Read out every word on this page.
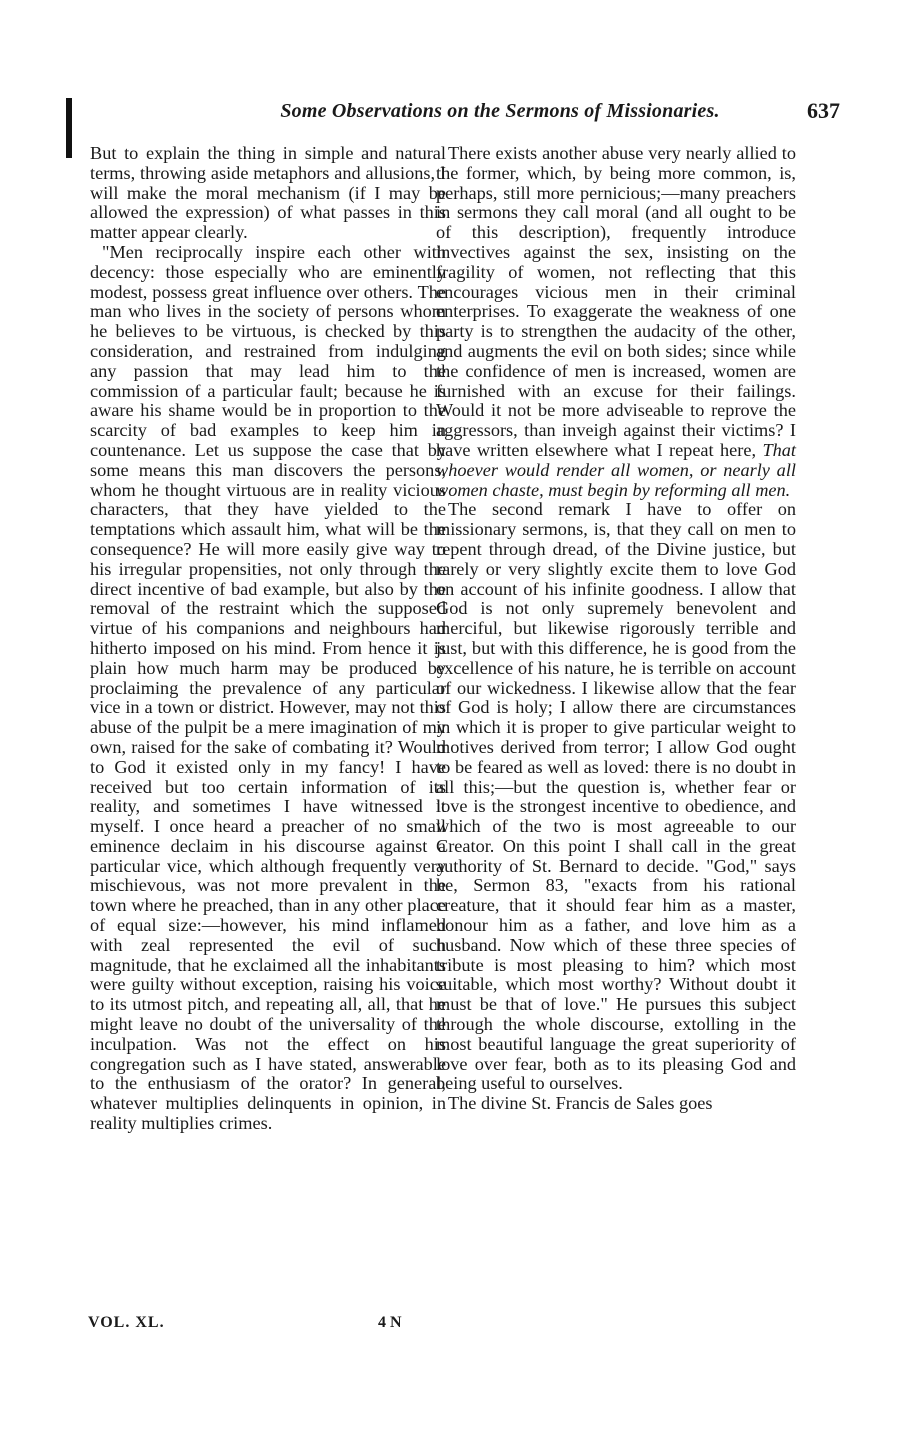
Some Observations on the Sermons of Missionaries.	637

But to explain the thing in simple and natural terms, throwing aside metaphors and allusions, I will make the moral mechanism (if I may be allowed the expression) of what passes in this matter appear clearly.

"Men reciprocally inspire each other with decency: those especially who are eminently modest, possess great influence over others. The man who lives in the society of persons whom he believes to be virtuous, is checked by this consideration, and restrained from indulging any passion that may lead him to the commission of a particular fault; because he is aware his shame would be in proportion to the scarcity of bad examples to keep him in countenance. Let us suppose the case that by some means this man discovers the persons, whom he thought virtuous are in reality vicious characters, that they have yielded to the temptations which assault him, what will be the consequence? He will more easily give way to his irregular propensities, not only through the direct incentive of bad example, but also by the removal of the restraint which the supposed virtue of his companions and neighbours had hitherto imposed on his mind. From hence it is plain how much harm may be produced by proclaiming the prevalence of any particular vice in a town or district. However, may not this abuse of the pulpit be a mere imagination of my own, raised for the sake of combating it? Would to God it existed only in my fancy! I have received but too certain information of its reality, and sometimes I have witnessed it myself. I once heard a preacher of no small eminence declaim in his discourse against a particular vice, which although frequently very mischievous, was not more prevalent in the town where he preached, than in any other place of equal size:—however, his mind inflamed with zeal represented the evil of such magnitude, that he exclaimed all the inhabitants were guilty without exception, raising his voice to its utmost pitch, and repeating all, all, that he might leave no doubt of the universality of the inculpation. Was not the effect on his congregation such as I have stated, answerable to the enthusiasm of the orator? In general, whatever multiplies delinquents in opinion, in reality multiplies crimes.

There exists another abuse very nearly allied to the former, which, by being more common, is, perhaps, still more pernicious;—many preachers in sermons they call moral (and all ought to be of this description), frequently introduce invectives against the sex, insisting on the fragility of women, not reflecting that this encourages vicious men in their criminal enterprises. To exaggerate the weakness of one party is to strengthen the audacity of the other, and augments the evil on both sides; since while the confidence of men is increased, women are furnished with an excuse for their failings. Would it not be more adviseable to reprove the aggressors, than inveigh against their victims? I have written elsewhere what I repeat here, That whoever would render all women, or nearly all women chaste, must begin by reforming all men.

The second remark I have to offer on missionary sermons, is, that they call on men to repent through dread, of the Divine justice, but rarely or very slightly excite them to love God on account of his infinite goodness. I allow that God is not only supremely benevolent and merciful, but likewise rigorously terrible and just, but with this difference, he is good from the excellence of his nature, he is terrible on account of our wickedness. I likewise allow that the fear of God is holy; I allow there are circumstances in which it is proper to give particular weight to motives derived from terror; I allow God ought to be feared as well as loved: there is no doubt in all this;—but the question is, whether fear or love is the strongest incentive to obedience, and which of the two is most agreeable to our Creator. On this point I shall call in the great authority of St. Bernard to decide. "God," says he, Sermon 83, "exacts from his rational creature, that it should fear him as a master, honour him as a father, and love him as a husband. Now which of these three species of tribute is most pleasing to him? which most suitable, which most worthy? Without doubt it must be that of love." He pursues this subject through the whole discourse, extolling in the most beautiful language the great superiority of love over fear, both as to its pleasing God and being useful to ourselves.

The divine St. Francis de Sales goes

VOL. XL.	4 N
